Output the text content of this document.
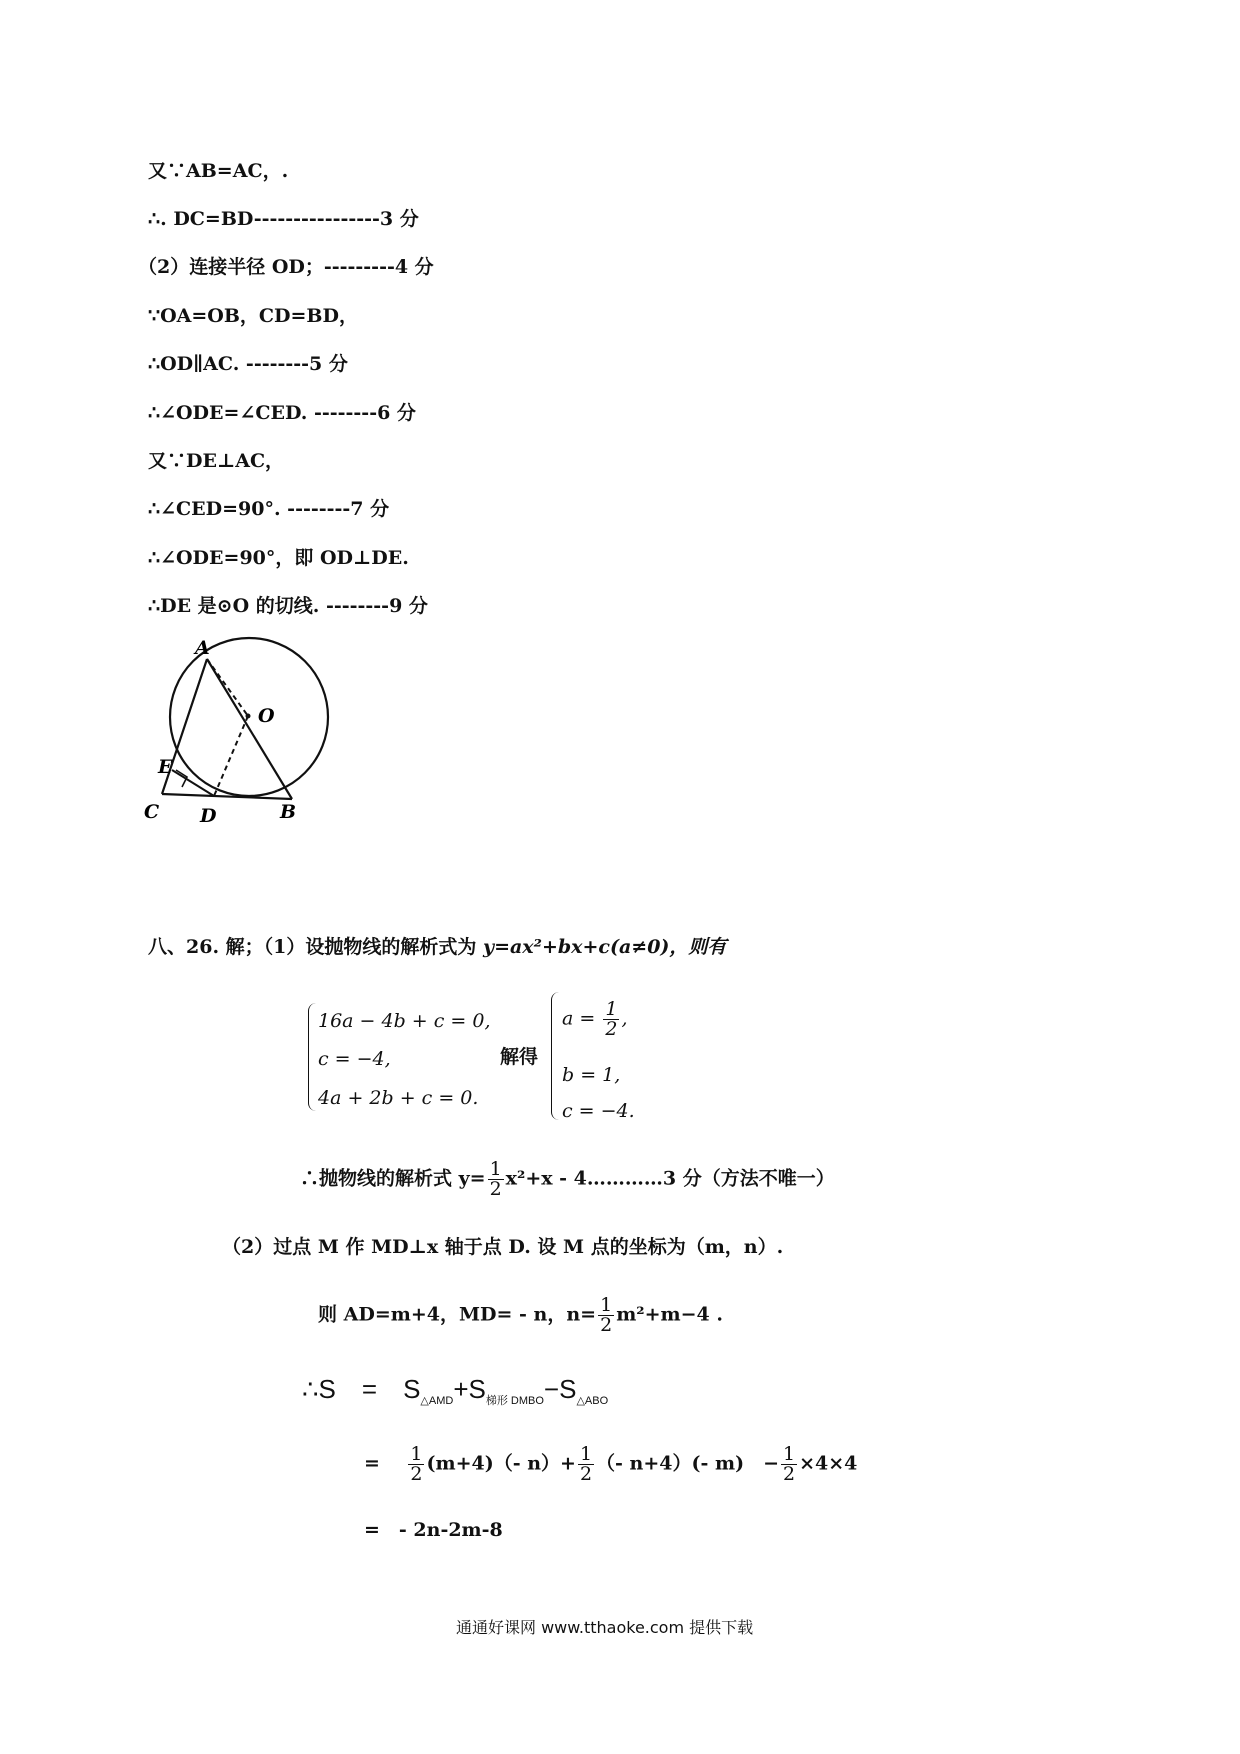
又∵AB=AC，.
∴. DC=BD----------------3 分
（2）连接半径 OD；---------4 分
∵OA=OB，CD=BD，
∴OD∥AC. --------5 分
∴∠ODE=∠CED. --------6 分
又∵DE⊥AC，
∴∠CED=90°. --------7 分
∴∠ODE=90°，即 OD⊥DE.
∴DE 是⊙O 的切线. --------9 分
A
O
E
C D	B
八、26. 解；（1）设抛物线的解析式为 y=ax²+bx+c(a≠0)，则有
16a − 4b + c = 0,
c = −4,
4a + 2b + c = 0.
解得
$a = \frac{1}{2}$ ,
b = 1,
c = −4.
∴抛物线的解析式 $y= \frac{1}{2} x^2+x$ - 4…………3 分（方法不唯一）
（2）过点 M 作 MD⊥x 轴于点 D. 设 M 点的坐标为（m，n）.
则 AD=m+4，MD= - n，$n= \frac{1}{2} m^2+m-4$ .
∴S　=　$S_{\triangle AMD}+S_{梯形 DMBO}-S_{\triangle ABO}$
= $\frac{1}{2} (m+4)(-$ $n)+ \frac{1}{2}$ （- n+4）(- m)　− $\frac{1}{2} \times 4\times 4$
=　- 2n-2m-8
通通好课网 www.tthaoke.com 提供下载
